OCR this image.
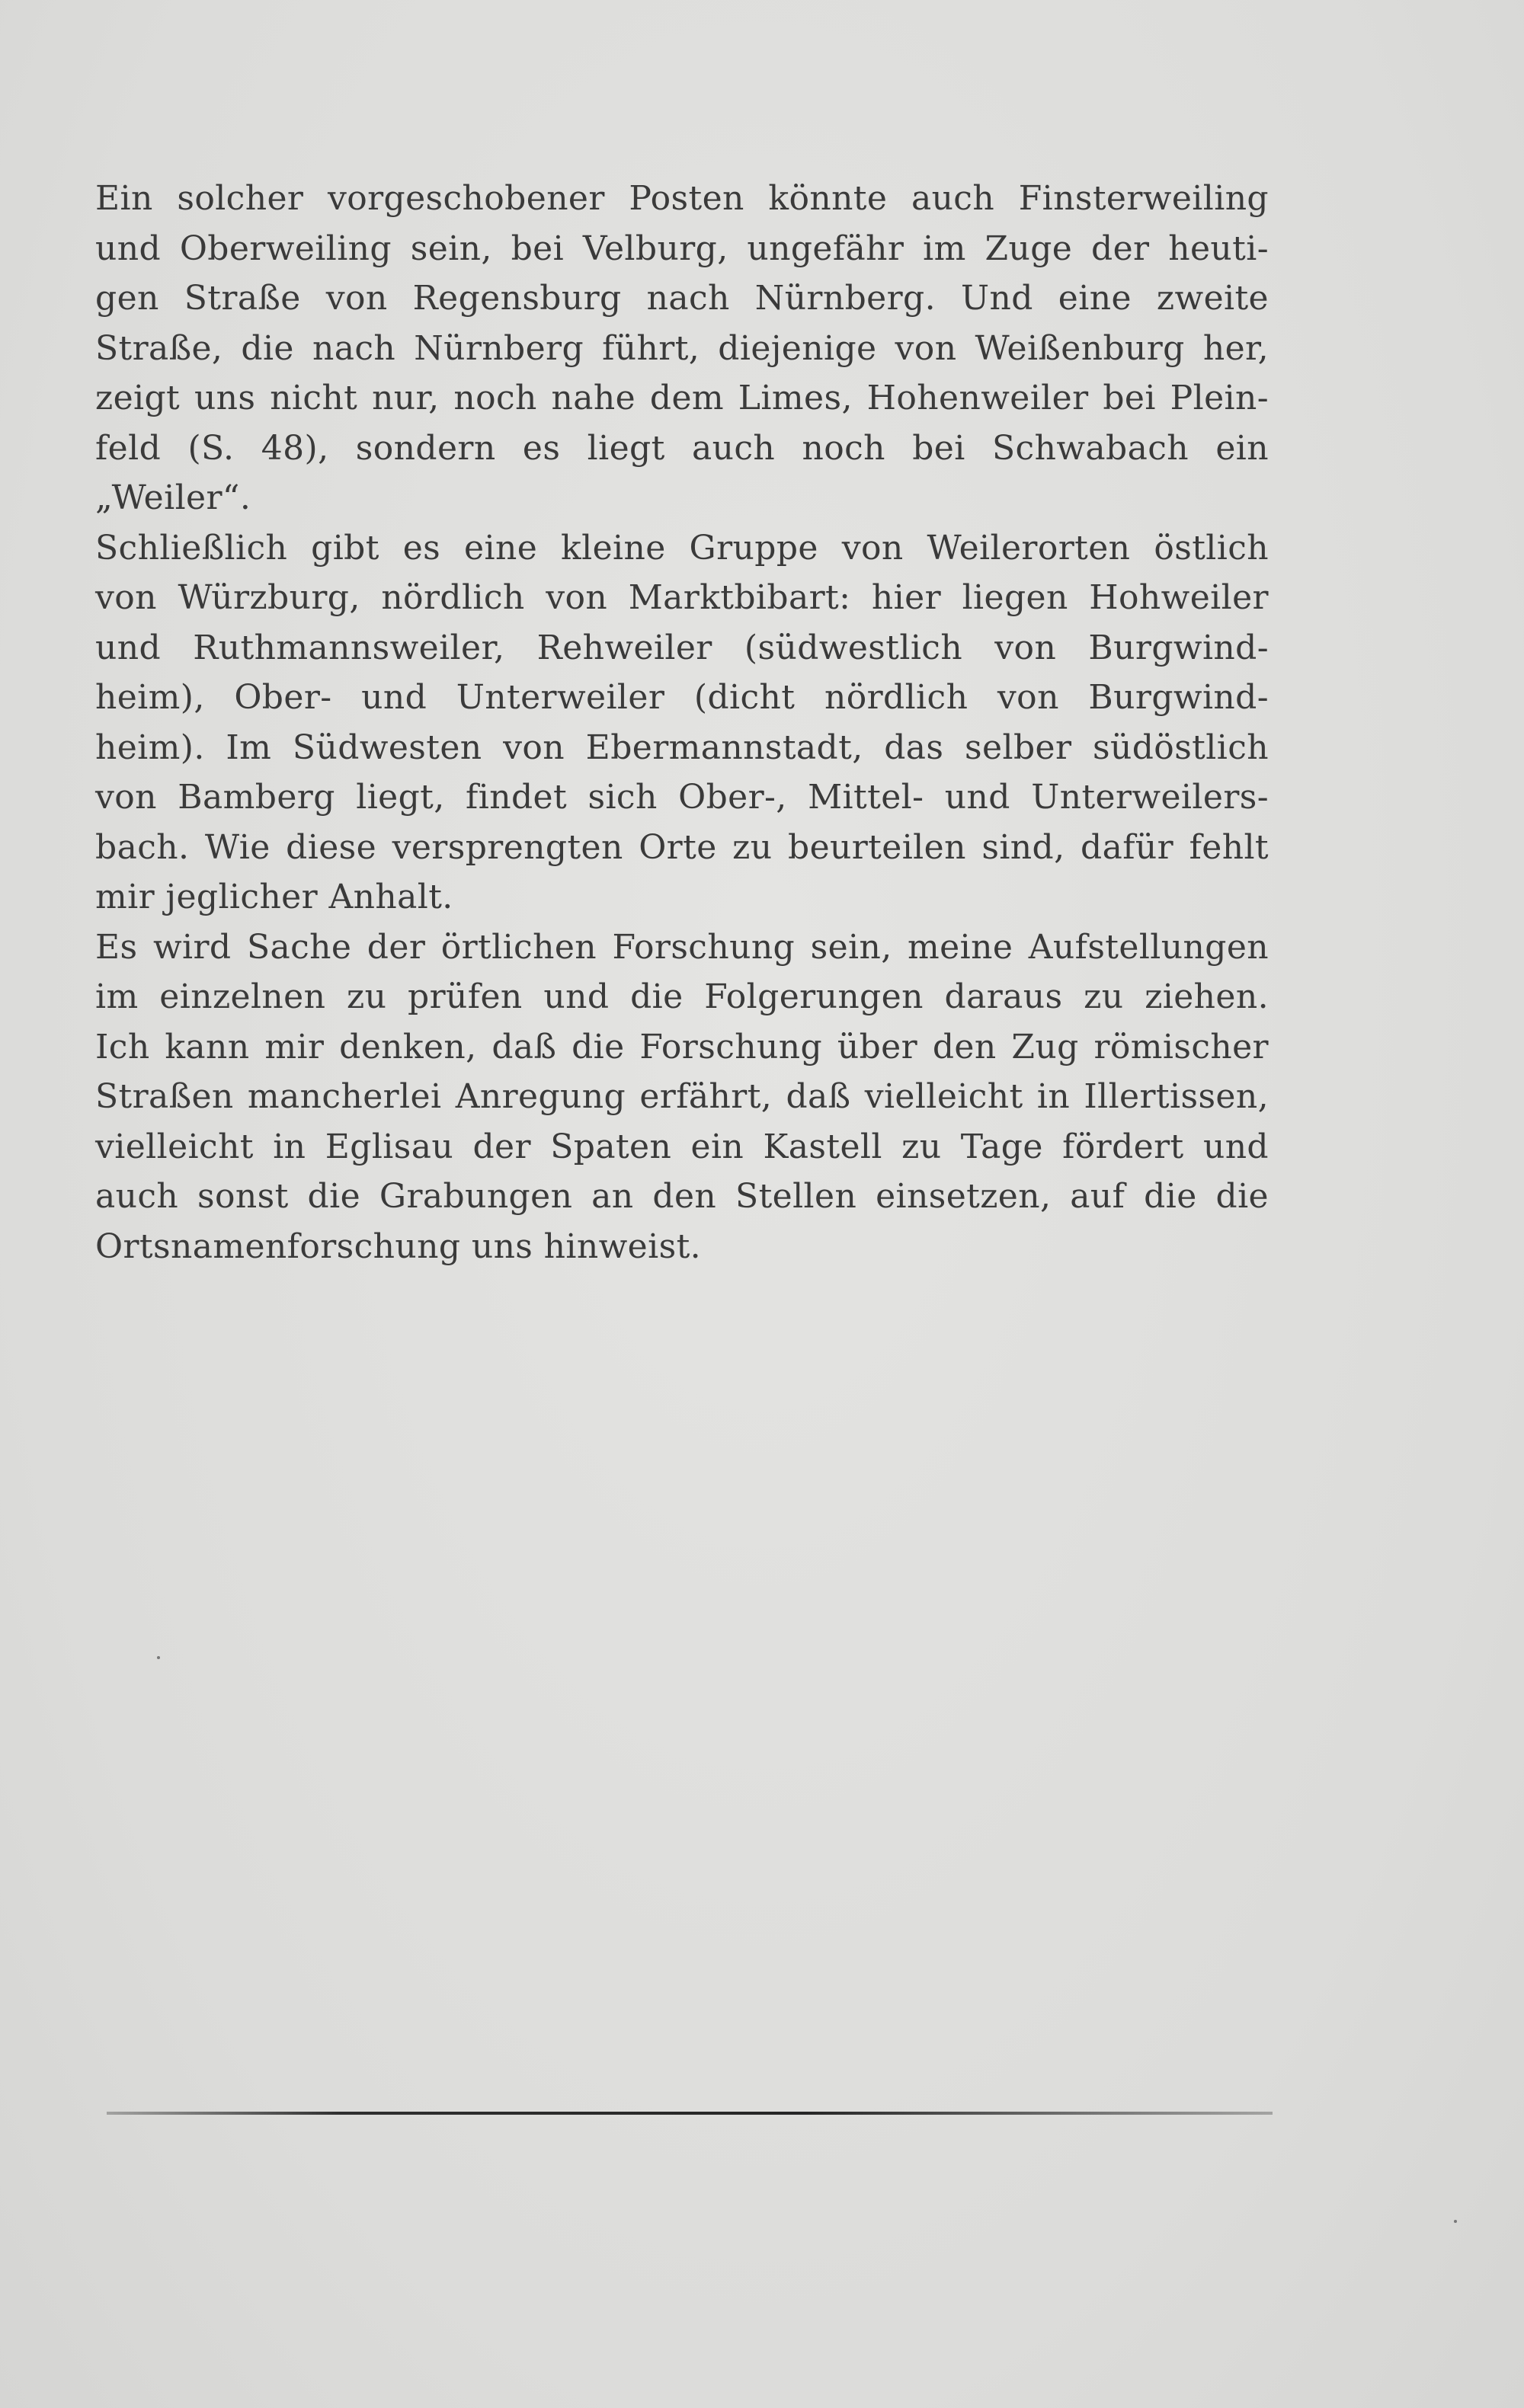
Ein solcher vorgeschobener Posten könnte auch Finsterweiling
und Oberweiling sein, bei Velburg, ungefähr im Zuge der heuti-
gen Straße von Regensburg nach Nürnberg. Und eine zweite
Straße, die nach Nürnberg führt, diejenige von Weißenburg her,
zeigt uns nicht nur, noch nahe dem Limes, Hohenweiler bei Plein-
feld (S. 48), sondern es liegt auch noch bei Schwabach ein
„Weiler“.
Schließlich gibt es eine kleine Gruppe von Weilerorten östlich
von Würzburg, nördlich von Marktbibart: hier liegen Hohweiler
und Ruthmannsweiler, Rehweiler (südwestlich von Burgwind-
heim), Ober- und Unterweiler (dicht nördlich von Burgwind-
heim). Im Südwesten von Ebermannstadt, das selber südöstlich
von Bamberg liegt, findet sich Ober-, Mittel- und Unterweilers-
bach. Wie diese versprengten Orte zu beurteilen sind, dafür fehlt
mir jeglicher Anhalt.
Es wird Sache der örtlichen Forschung sein, meine Aufstellungen
im einzelnen zu prüfen und die Folgerungen daraus zu ziehen.
Ich kann mir denken, daß die Forschung über den Zug römischer
Straßen mancherlei Anregung erfährt, daß vielleicht in Illertissen,
vielleicht in Eglisau der Spaten ein Kastell zu Tage fördert und
auch sonst die Grabungen an den Stellen einsetzen, auf die die
Ortsnamenforschung uns hinweist.
